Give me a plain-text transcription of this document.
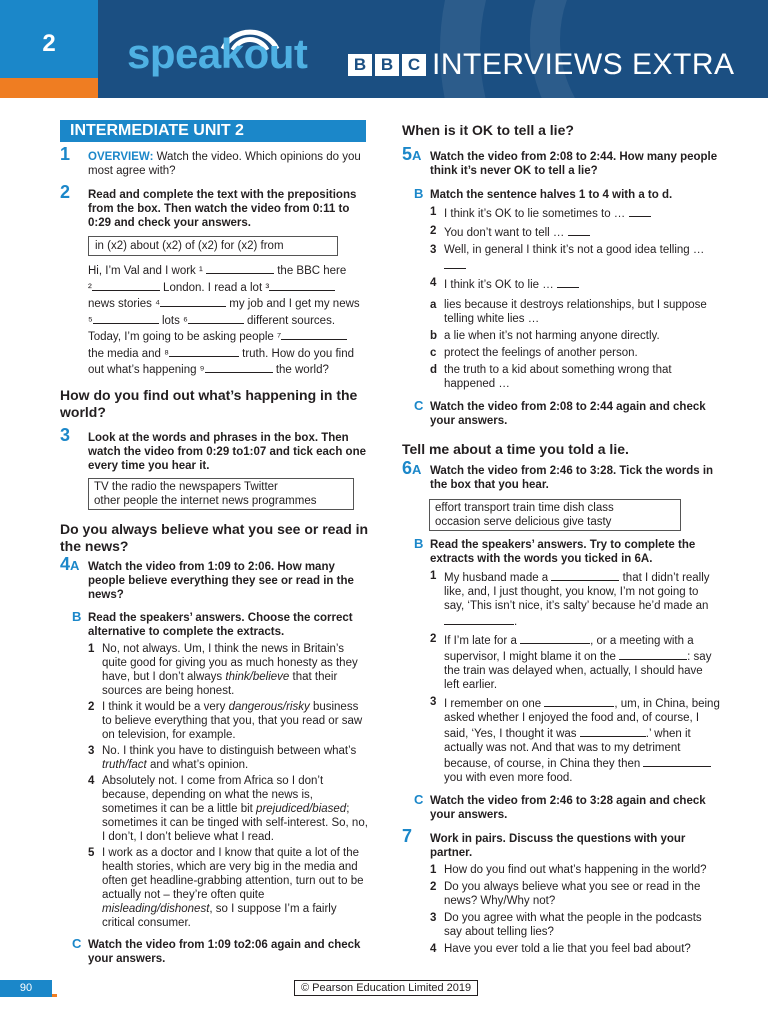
2	speakout	B B C INTERVIEWS EXTRA
INTERMEDIATE UNIT 2
1 OVERVIEW: Watch the video. Which opinions do you most agree with?
2 Read and complete the text with the prepositions from the box. Then watch the video from 0:11 to 0:29 and check your answers.
in (x2) about (x2) of (x2) for (x2) from
Hi, I’m Val and I work ¹	the BBC here
²	London. I read a lot ³
news stories ⁴	my job and I get my news
⁵	lots ⁶	different sources.
Today, I’m going to be asking people ⁷
the media and ⁸	truth. How do you find
out what’s happening ⁹	the world?
How do you find out what’s happening in the world?
3 Look at the words and phrases in the box. Then watch the video from 0:29 to1:07 and tick each one every time you hear it.
TV the radio the newspapers Twitter
other people the internet news programmes
Do you always believe what you see or read in the news?
4A Watch the video from 1:09 to 2:06. How many people believe everything they see or read in the news?
B Read the speakers’ answers. Choose the correct alternative to complete the extracts.
1 No, not always. Um, I think the news in Britain’s quite good for giving you as much honesty as they have, but I don’t always think/believe that their sources are being honest.
2 I think it would be a very dangerous/risky business to believe everything that you, that you read or saw on television, for example.
3 No. I think you have to distinguish between what’s truth/fact and what’s opinion.
4 Absolutely not. I come from Africa so I don’t because, depending on what the news is, sometimes it can be a little bit prejudiced/biased; sometimes it can be tinged with self-interest. So, no, I don’t, I don’t believe what I read.
5 I work as a doctor and I know that quite a lot of the health stories, which are very big in the media and often get headline-grabbing attention, turn out to be actually not – they’re often quite misleading/dishonest, so I suppose I’m a fairly critical consumer.
C Watch the video from 1:09 to2:06 again and check your answers.
When is it OK to tell a lie?
5A Watch the video from 2:08 to 2:44. How many people think it’s never OK to tell a lie?
B Match the sentence halves 1 to 4 with a to d.
1 I think it’s OK to lie sometimes to …
2 You don’t want to tell …
3 Well, in general I think it’s not a good idea telling …
4 I think it’s OK to lie …
a lies because it destroys relationships, but I suppose telling white lies …
b a lie when it’s not harming anyone directly.
c protect the feelings of another person.
d the truth to a kid about something wrong that happened …
C Watch the video from 2:08 to 2:44 again and check your answers.
Tell me about a time you told a lie.
6A Watch the video from 2:46 to 3:28. Tick the words in the box that you hear.
effort transport train time dish class
occasion serve delicious give tasty
B Read the speakers’ answers. Try to complete the extracts with the words you ticked in 6A.
1 My husband made a	that I didn’t really like, and, I just thought, you know, I’m not going to say, ‘This isn’t nice, it’s salty’ because he’d made an .
2 If I’m late for a	, or a meeting with a supervisor, I might blame it on the	: say the train was delayed when, actually, I should have left earlier.
3 I remember on one	, um, in China, being asked whether I enjoyed the food and, of course, I said, ‘Yes, I thought it was	.’ when it actually was not. And that was to my detriment because, of course, in China they then  you with even more food.
C Watch the video from 2:46 to 3:28 again and check your answers.
7 Work in pairs. Discuss the questions with your partner.
1 How do you find out what’s happening in the world?
2 Do you always believe what you see or read in the news? Why/Why not?
3 Do you agree with what the people in the podcasts say about telling lies?
4 Have you ever told a lie that you feel bad about?
90	© Pearson Education Limited 2019
